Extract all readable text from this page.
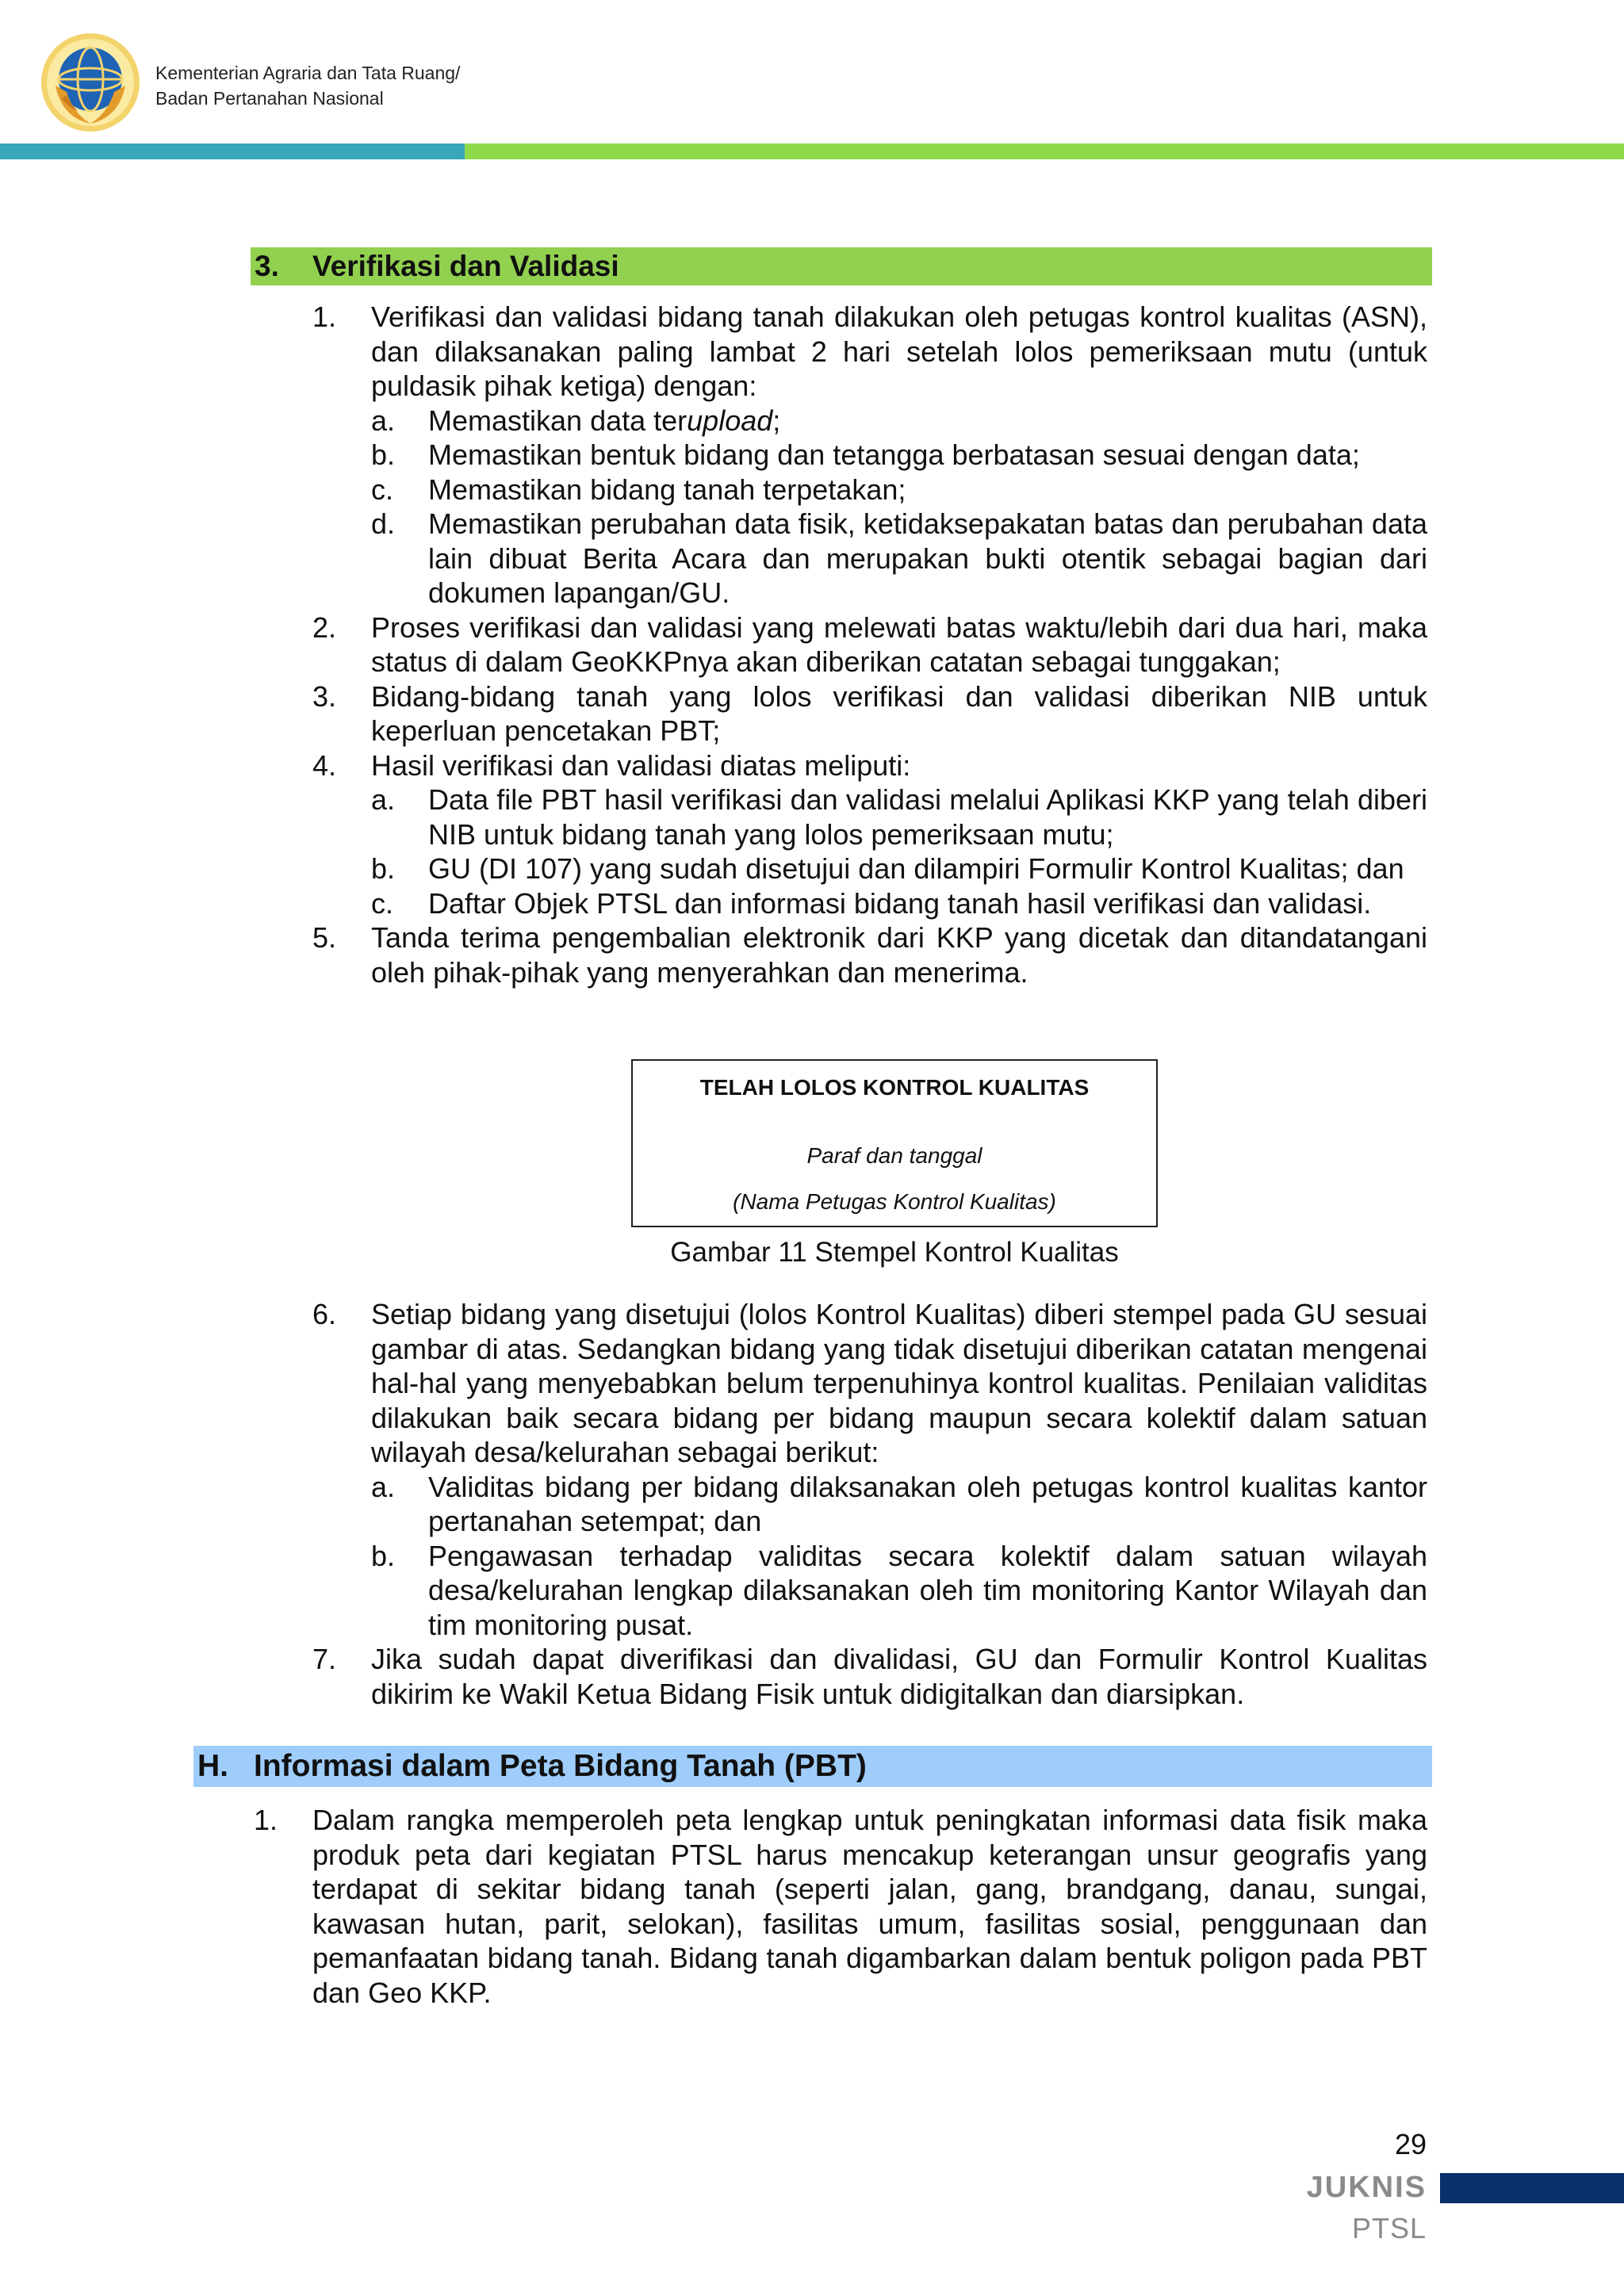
Kementerian Agraria dan Tata Ruang/
Badan Pertanahan Nasional
3. Verifikasi dan Validasi
1. Verifikasi dan validasi bidang tanah dilakukan oleh petugas kontrol kualitas (ASN), dan dilaksanakan paling lambat 2 hari setelah lolos pemeriksaan mutu (untuk puldasik pihak ketiga) dengan:
a. Memastikan data terupload;
b. Memastikan bentuk bidang dan tetangga berbatasan sesuai dengan data;
c. Memastikan bidang tanah terpetakan;
d. Memastikan perubahan data fisik, ketidaksepakatan batas dan perubahan data lain dibuat Berita Acara dan merupakan bukti otentik sebagai bagian dari dokumen lapangan/GU.
2. Proses verifikasi dan validasi yang melewati batas waktu/lebih dari dua hari, maka status di dalam GeoKKPnya akan diberikan catatan sebagai tunggakan;
3. Bidang-bidang tanah yang lolos verifikasi dan validasi diberikan NIB untuk keperluan pencetakan PBT;
4. Hasil verifikasi dan validasi diatas meliputi:
a. Data file PBT hasil verifikasi dan validasi melalui Aplikasi KKP yang telah diberi NIB untuk bidang tanah yang lolos pemeriksaan mutu;
b. GU (DI 107) yang sudah disetujui dan dilampiri Formulir Kontrol Kualitas; dan
c. Daftar Objek PTSL dan informasi bidang tanah hasil verifikasi dan validasi.
5. Tanda terima pengembalian elektronik dari KKP yang dicetak dan ditandatangani oleh pihak-pihak yang menyerahkan dan menerima.
TELAH LOLOS KONTROL KUALITAS
Paraf dan tanggal
(Nama Petugas Kontrol Kualitas)
Gambar 11 Stempel Kontrol Kualitas
6. Setiap bidang yang disetujui (lolos Kontrol Kualitas) diberi stempel pada GU sesuai gambar di atas. Sedangkan bidang yang tidak disetujui diberikan catatan mengenai hal-hal yang menyebabkan belum terpenuhinya kontrol kualitas. Penilaian validitas dilakukan baik secara bidang per bidang maupun secara kolektif dalam satuan wilayah desa/kelurahan sebagai berikut:
a. Validitas bidang per bidang dilaksanakan oleh petugas kontrol kualitas kantor pertanahan setempat; dan
b. Pengawasan terhadap validitas secara kolektif dalam satuan wilayah desa/kelurahan lengkap dilaksanakan oleh tim monitoring Kantor Wilayah dan tim monitoring pusat.
7. Jika sudah dapat diverifikasi dan divalidasi, GU dan Formulir Kontrol Kualitas dikirim ke Wakil Ketua Bidang Fisik untuk didigitalkan dan diarsipkan.
H. Informasi dalam Peta Bidang Tanah (PBT)
1. Dalam rangka memperoleh peta lengkap untuk peningkatan informasi data fisik maka produk peta dari kegiatan PTSL harus mencakup keterangan unsur geografis yang terdapat di sekitar bidang tanah (seperti jalan, gang, brandgang, danau, sungai, kawasan hutan, parit, selokan), fasilitas umum, fasilitas sosial, penggunaan dan pemanfaatan bidang tanah. Bidang tanah digambarkan dalam bentuk poligon pada PBT dan Geo KKP.
29
JUKNIS
PTSL
